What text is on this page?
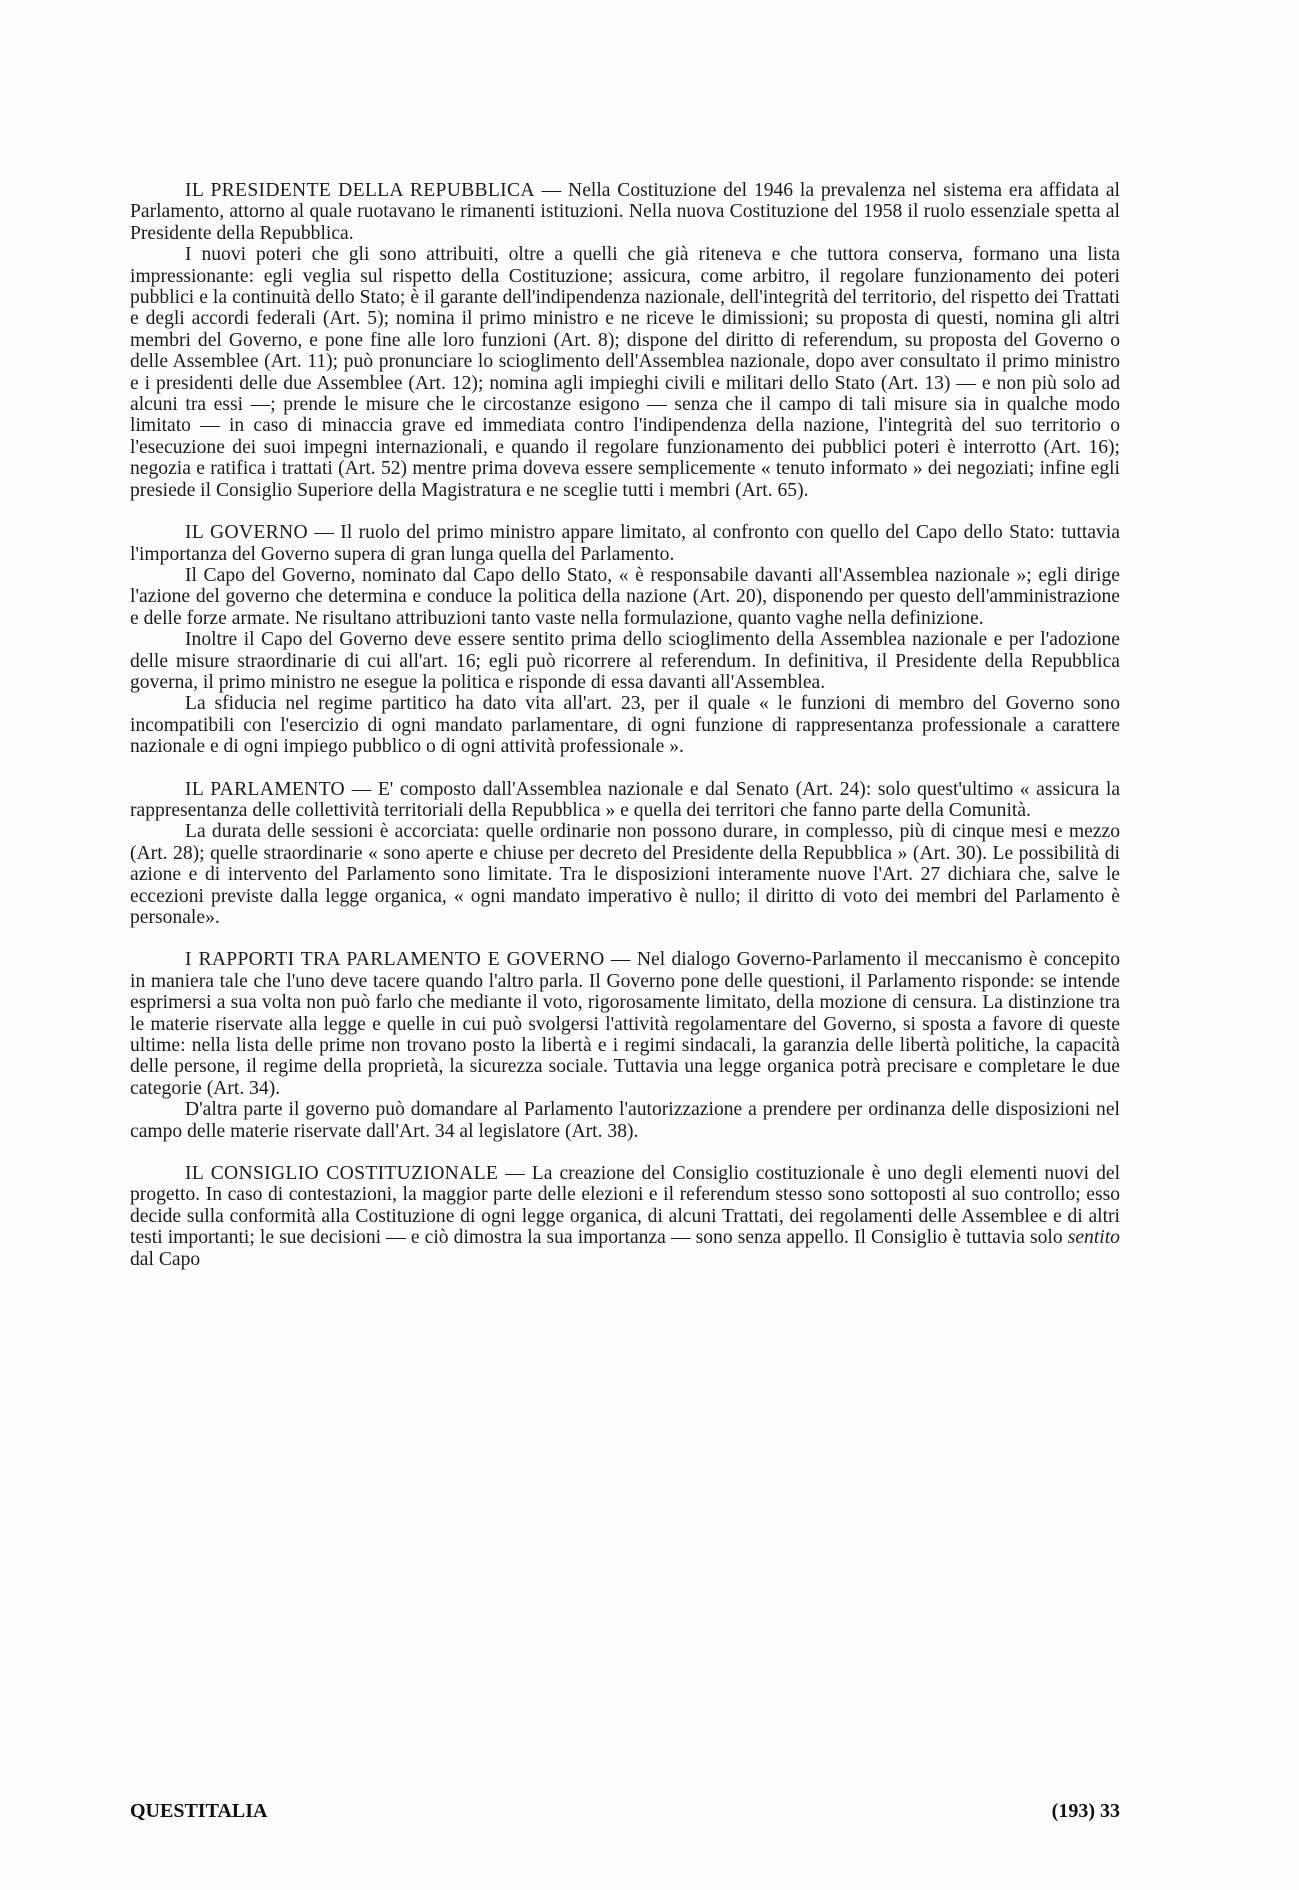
IL PRESIDENTE DELLA REPUBBLICA — Nella Costituzione del 1946 la prevalenza nel sistema era affidata al Parlamento, attorno al quale ruotavano le rimanenti istituzioni. Nella nuova Costituzione del 1958 il ruolo essenziale spetta al Presidente della Repubblica.

I nuovi poteri che gli sono attribuiti, oltre a quelli che già riteneva e che tuttora conserva, formano una lista impressionante: egli veglia sul rispetto della Costituzione; assicura, come arbitro, il regolare funzionamento dei poteri pubblici e la continuità dello Stato; è il garante dell'indipendenza nazionale, dell'integrità del territorio, del rispetto dei Trattati e degli accordi federali (Art. 5); nomina il primo ministro e ne riceve le dimissioni; su proposta di questi, nomina gli altri membri del Governo, e pone fine alle loro funzioni (Art. 8); dispone del diritto di referendum, su proposta del Governo o delle Assemblee (Art. 11); può pronunciare lo scioglimento dell'Assemblea nazionale, dopo aver consultato il primo ministro e i presidenti delle due Assemblee (Art. 12); nomina agli impieghi civili e militari dello Stato (Art. 13) — e non più solo ad alcuni tra essi —; prende le misure che le circostanze esigono — senza che il campo di tali misure sia in qualche modo limitato — in caso di minaccia grave ed immediata contro l'indipendenza della nazione, l'integrità del suo territorio o l'esecuzione dei suoi impegni internazionali, e quando il regolare funzionamento dei pubblici poteri è interrotto (Art. 16); negozia e ratifica i trattati (Art. 52) mentre prima doveva essere semplicemente « tenuto informato » dei negoziati; infine egli presiede il Consiglio Superiore della Magistratura e ne sceglie tutti i membri (Art. 65).

IL GOVERNO — Il ruolo del primo ministro appare limitato, al confronto con quello del Capo dello Stato: tuttavia l'importanza del Governo supera di gran lunga quella del Parlamento.

Il Capo del Governo, nominato dal Capo dello Stato, « è responsabile davanti all'Assemblea nazionale »; egli dirige l'azione del governo che determina e conduce la politica della nazione (Art. 20), disponendo per questo dell'amministrazione e delle forze armate. Ne risultano attribuzioni tanto vaste nella formulazione, quanto vaghe nella definizione.

Inoltre il Capo del Governo deve essere sentito prima dello scioglimento della Assemblea nazionale e per l'adozione delle misure straordinarie di cui all'art. 16; egli può ricorrere al referendum. In definitiva, il Presidente della Repubblica governa, il primo ministro ne esegue la politica e risponde di essa davanti all'Assemblea.

La sfiducia nel regime partitico ha dato vita all'art. 23, per il quale « le funzioni di membro del Governo sono incompatibili con l'esercizio di ogni mandato parlamentare, di ogni funzione di rappresentanza professionale a carattere nazionale e di ogni impiego pubblico o di ogni attività professionale ».

IL PARLAMENTO — E' composto dall'Assemblea nazionale e dal Senato (Art. 24): solo quest'ultimo « assicura la rappresentanza delle collettività territoriali della Repubblica » e quella dei territori che fanno parte della Comunità.

La durata delle sessioni è accorciata: quelle ordinarie non possono durare, in complesso, più di cinque mesi e mezzo (Art. 28); quelle straordinarie « sono aperte e chiuse per decreto del Presidente della Repubblica » (Art. 30). Le possibilità di azione e di intervento del Parlamento sono limitate. Tra le disposizioni interamente nuove l'Art. 27 dichiara che, salve le eccezioni previste dalla legge organica, « ogni mandato imperativo è nullo; il diritto di voto dei membri del Parlamento è personale».

I RAPPORTI TRA PARLAMENTO E GOVERNO — Nel dialogo Governo-Parlamento il meccanismo è concepito in maniera tale che l'uno deve tacere quando l'altro parla. Il Governo pone delle questioni, il Parlamento risponde: se intende esprimersi a sua volta non può farlo che mediante il voto, rigorosamente limitato, della mozione di censura. La distinzione tra le materie riservate alla legge e quelle in cui può svolgersi l'attività regolamentare del Governo, si sposta a favore di queste ultime: nella lista delle prime non trovano posto la libertà e i regimi sindacali, la garanzia delle libertà politiche, la capacità delle persone, il regime della proprietà, la sicurezza sociale. Tuttavia una legge organica potrà precisare e completare le due categorie (Art. 34).

D'altra parte il governo può domandare al Parlamento l'autorizzazione a prendere per ordinanza delle disposizioni nel campo delle materie riservate dall'Art. 34 al legislatore (Art. 38).

IL CONSIGLIO COSTITUZIONALE — La creazione del Consiglio costituzionale è uno degli elementi nuovi del progetto. In caso di contestazioni, la maggior parte delle elezioni e il referendum stesso sono sottoposti al suo controllo; esso decide sulla conformità alla Costituzione di ogni legge organica, di alcuni Trattati, dei regolamenti delle Assemblee e di altri testi importanti; le sue decisioni — e ciò dimostra la sua importanza — sono senza appello. Il Consiglio è tuttavia solo sentito dal Capo

QUESTITALIA	(193) 33
